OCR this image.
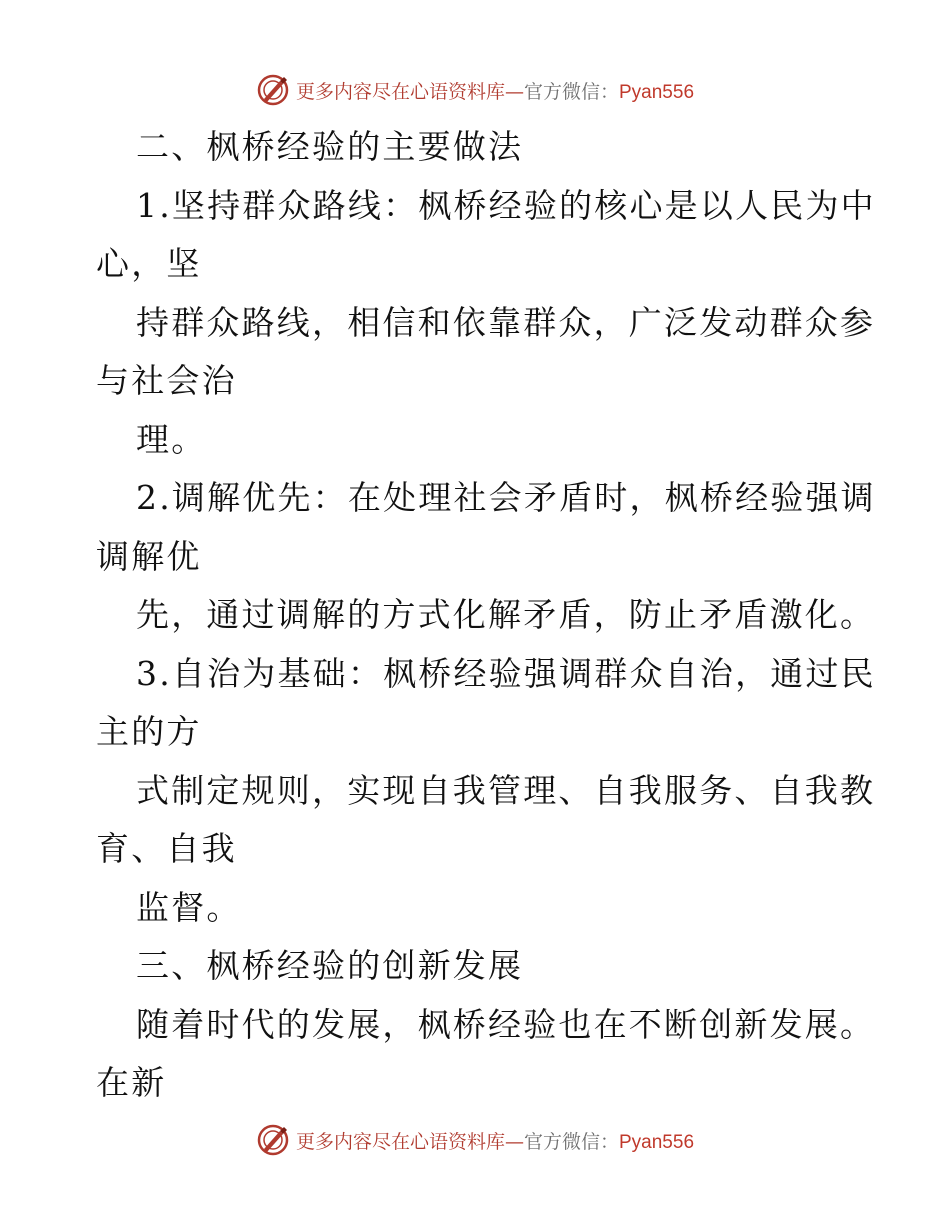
更多内容尽在心语资料库—官方微信：Pyan556
二、枫桥经验的主要做法
1.坚持群众路线：枫桥经验的核心是以人民为中
心，坚
持群众路线，相信和依靠群众，广泛发动群众参
与社会治
理。
2.调解优先：在处理社会矛盾时，枫桥经验强调
调解优
先，通过调解的方式化解矛盾，防止矛盾激化。
3.自治为基础：枫桥经验强调群众自治，通过民
主的方
式制定规则，实现自我管理、自我服务、自我教
育、自我
监督。
三、枫桥经验的创新发展
随着时代的发展，枫桥经验也在不断创新发展。
在新
更多内容尽在心语资料库—官方微信：Pyan556
